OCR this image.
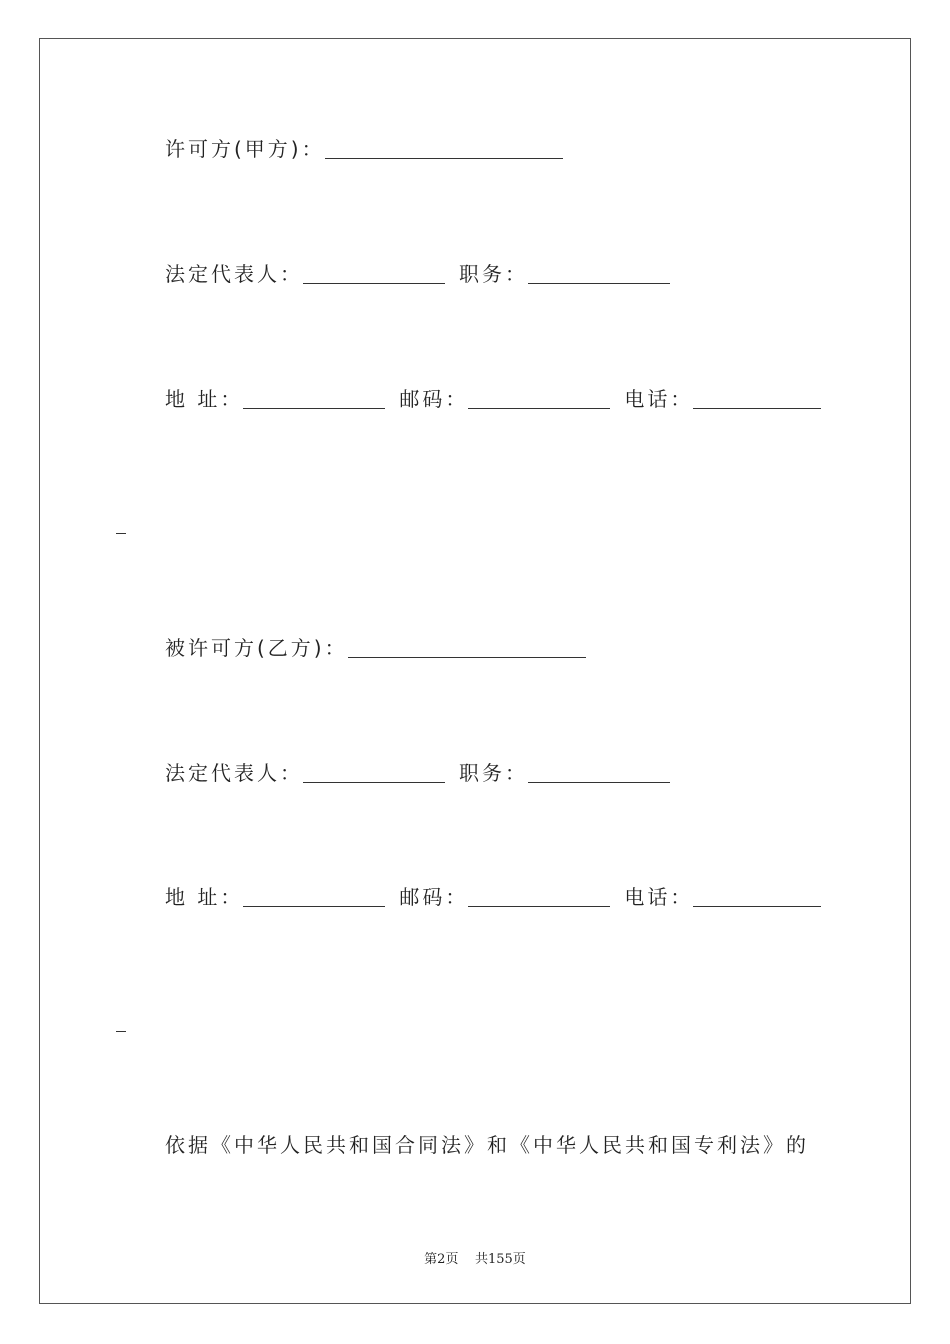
许可方(甲方)：
法定代表人：	职务：
地 址：	邮码：	电话：
被许可方(乙方)：
法定代表人：	职务：
地 址：	邮码：	电话：
依据《中华人民共和国合同法》和《中华人民共和国专利法》的
第2页 共155页
